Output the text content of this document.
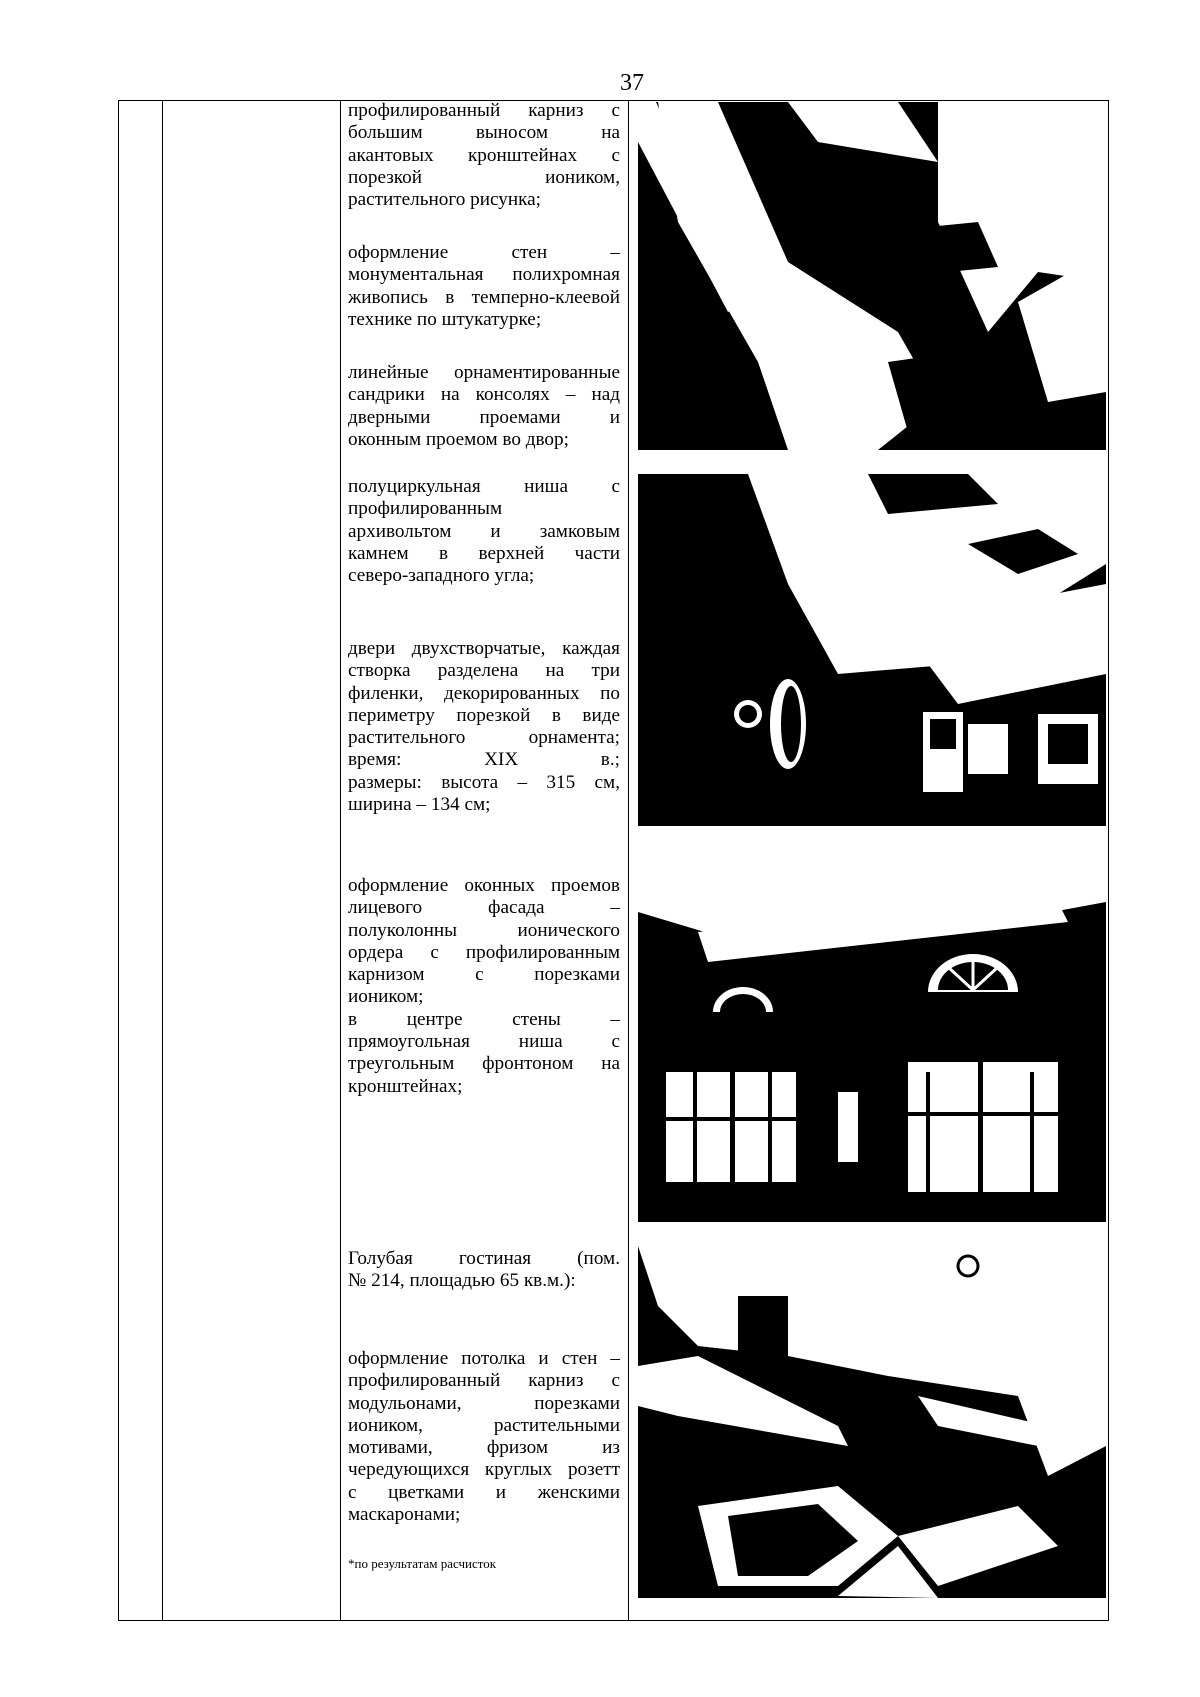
37
профилированный карниз с
большим выносом на
акантовых кронштейнах с
порезкой иоником,
растительного рисунка;
оформление стен –
монументальная полихромная
живопись в темперно-клеевой
технике по штукатурке;
линейные орнаментированные
сандрики на консолях – над
дверными проемами и
оконным проемом во двор;
полуциркульная ниша с
профилированным
архивольтом и замковым
камнем в верхней части
северо-западного угла;
двери двухстворчатые, каждая
створка разделена на три
филенки, декорированных по
периметру порезкой в виде
растительного орнамента;
время: XIX в.;
размеры: высота – 315 см,
ширина – 134 см;
оформление оконных проемов
лицевого фасада –
полуколонны ионического
ордера с профилированным
карнизом с порезками
иоником;
в центре стены –
прямоугольная ниша с
треугольным фронтоном на
кронштейнах;
Голубая гостиная (пом.
№ 214, площадью 65 кв.м.):
оформление потолка и стен –
профилированный карниз с
модульонами, порезками
иоником, растительными
мотивами, фризом из
чередующихся круглых розетт
с цветками и женскими
маскаронами;
*по результатам расчисток
